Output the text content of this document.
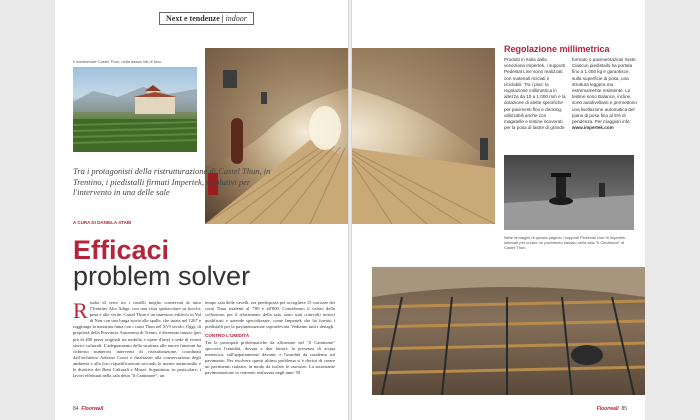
Next e tendenze | indoor
Il medioevale Castel Thun, nella bassa Val di Non.
Tra i protagonisti della ristrutturazione di Castel Thun, in Trentino, i piedistalli firmati Impertek, risolutivi per l'intervento in una delle sale
A CURA DI DANIELA STABI
Efficaci
problem solver
Risalta di certo tra i castelli meglio conservati di tutto l'Trentino Alto Adige, con una vista spettacolare su boschi, prati e alto verde. Castel Thun è un maestoso edificio in Val di Non con una lunga storia alle spalle, che inizia nel 1267 e raggiunge la massima fama con i conti Thun nel XVI secolo. Oggi, di proprietà della Provincia Autonoma di Trento, è diventato museo (per più di 400 pezzi originali tra mobilio e opere d'arte) e sede di eventi storici-culturali. L'adeguamento della struttura alle nuove funzioni ha richiesto numerosi interventi di ristrutturazione, coordinati dall'architetto Adriano Conci e finalizzati alla conservazione degli ambienti e alla loro riqualificazione secondo le norme antincendio e le direttive dei Beni Culturali e Musei. Soprattutto, in particolare, i lavori effettuati nella sala detta "il Cantinone", un
tempo sala delle cavalli, era predisposta per accogliere 15 carrozze dei conti Thun risalenti al '700 e all'800. Considerato il valore della collezione, per il rifacimento della sala, sono stati coinvolti tecnici qualificati e aziende specializzate, come Impertek che ha fornito i piedistalli per la pavimentazione sopraelevata. Vediamo tutti i dettagli.
CONTRO L'UMIDITÀ
Tra le principali problematiche da affrontare nel "il Cantinone" spiccava l'umidità, dovuta a due fattori: la presenza di acqua meteorica, sull'appartamento davanti, e l'umidità da condensa sul pavimento. Per risolvere questi ultimo problema si è deciso di creare un pavimento rialzato, in modo da isolare le carrozze. La sottostante pavimentazione in cemento realizzata negli anni '50
84 Floorwall
Regolazione millimetrica
Prodotti in Italia dalla veneziana Impertek, i supporti Pedestal Line sono realizzati con materiali riciclati e riciclabili. Tra i plus: la regolazione millimetrica in altezza da 10 a 1.000 mm e la dotazione di alette specifiche per pavimenti flex e decking, utilizzabili anche con magatelle e testine ricoverati per la posa di lastre di grande
formato o pavimentazioni miste. Ciascun piedistallo ha portata fino a 1.000 kg e garantisce, sulla superficie di posa, una struttura leggera ma estremamente resistente. Le testine sono Balance, incline, sono autolivellanti e permettono una livellazione automatica del piano di posa fino al 5% di pendenza. Per maggiori info: www.impertek.com
Nelle immagini di questa pagina: i supporti Pedestal Line di Impertek utilizzati per creare un pavimento rialzato nella sala "Il Cantinone" di Castel Thun.
Floorwall 85
